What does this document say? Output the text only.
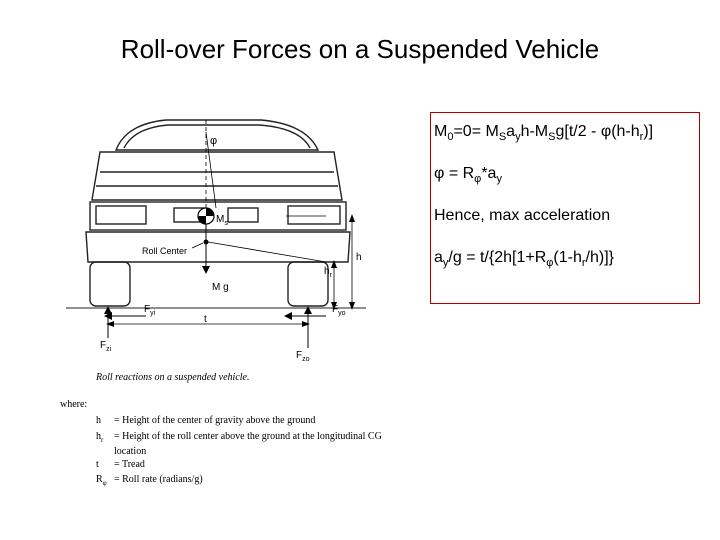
Roll-over Forces on a Suspended Vehicle
$M_0=0= M_Sa_yh-M_Sg[t/2 - \varphi(h-h_r)]$
$\varphi = R_\varphi*a_y$
Hence, max acceleration
$a_y/g = t/\{2h[1+R_\varphi(1-h_r/h)]\}$
φ
$M_s$
M g
Roll Center
h
$h_r$
$F_{yi}$	$F_{yo}$
t
$F_{zi}$
$F_{zo}$
Roll reactions on a suspended vehicle.
where:
h = Height of the center of gravity above the ground
$h_r$ = Height of the roll center above the ground at the longitudinal CG
location
t = Tread
$R_\varphi$ = Roll rate (radians/g)
